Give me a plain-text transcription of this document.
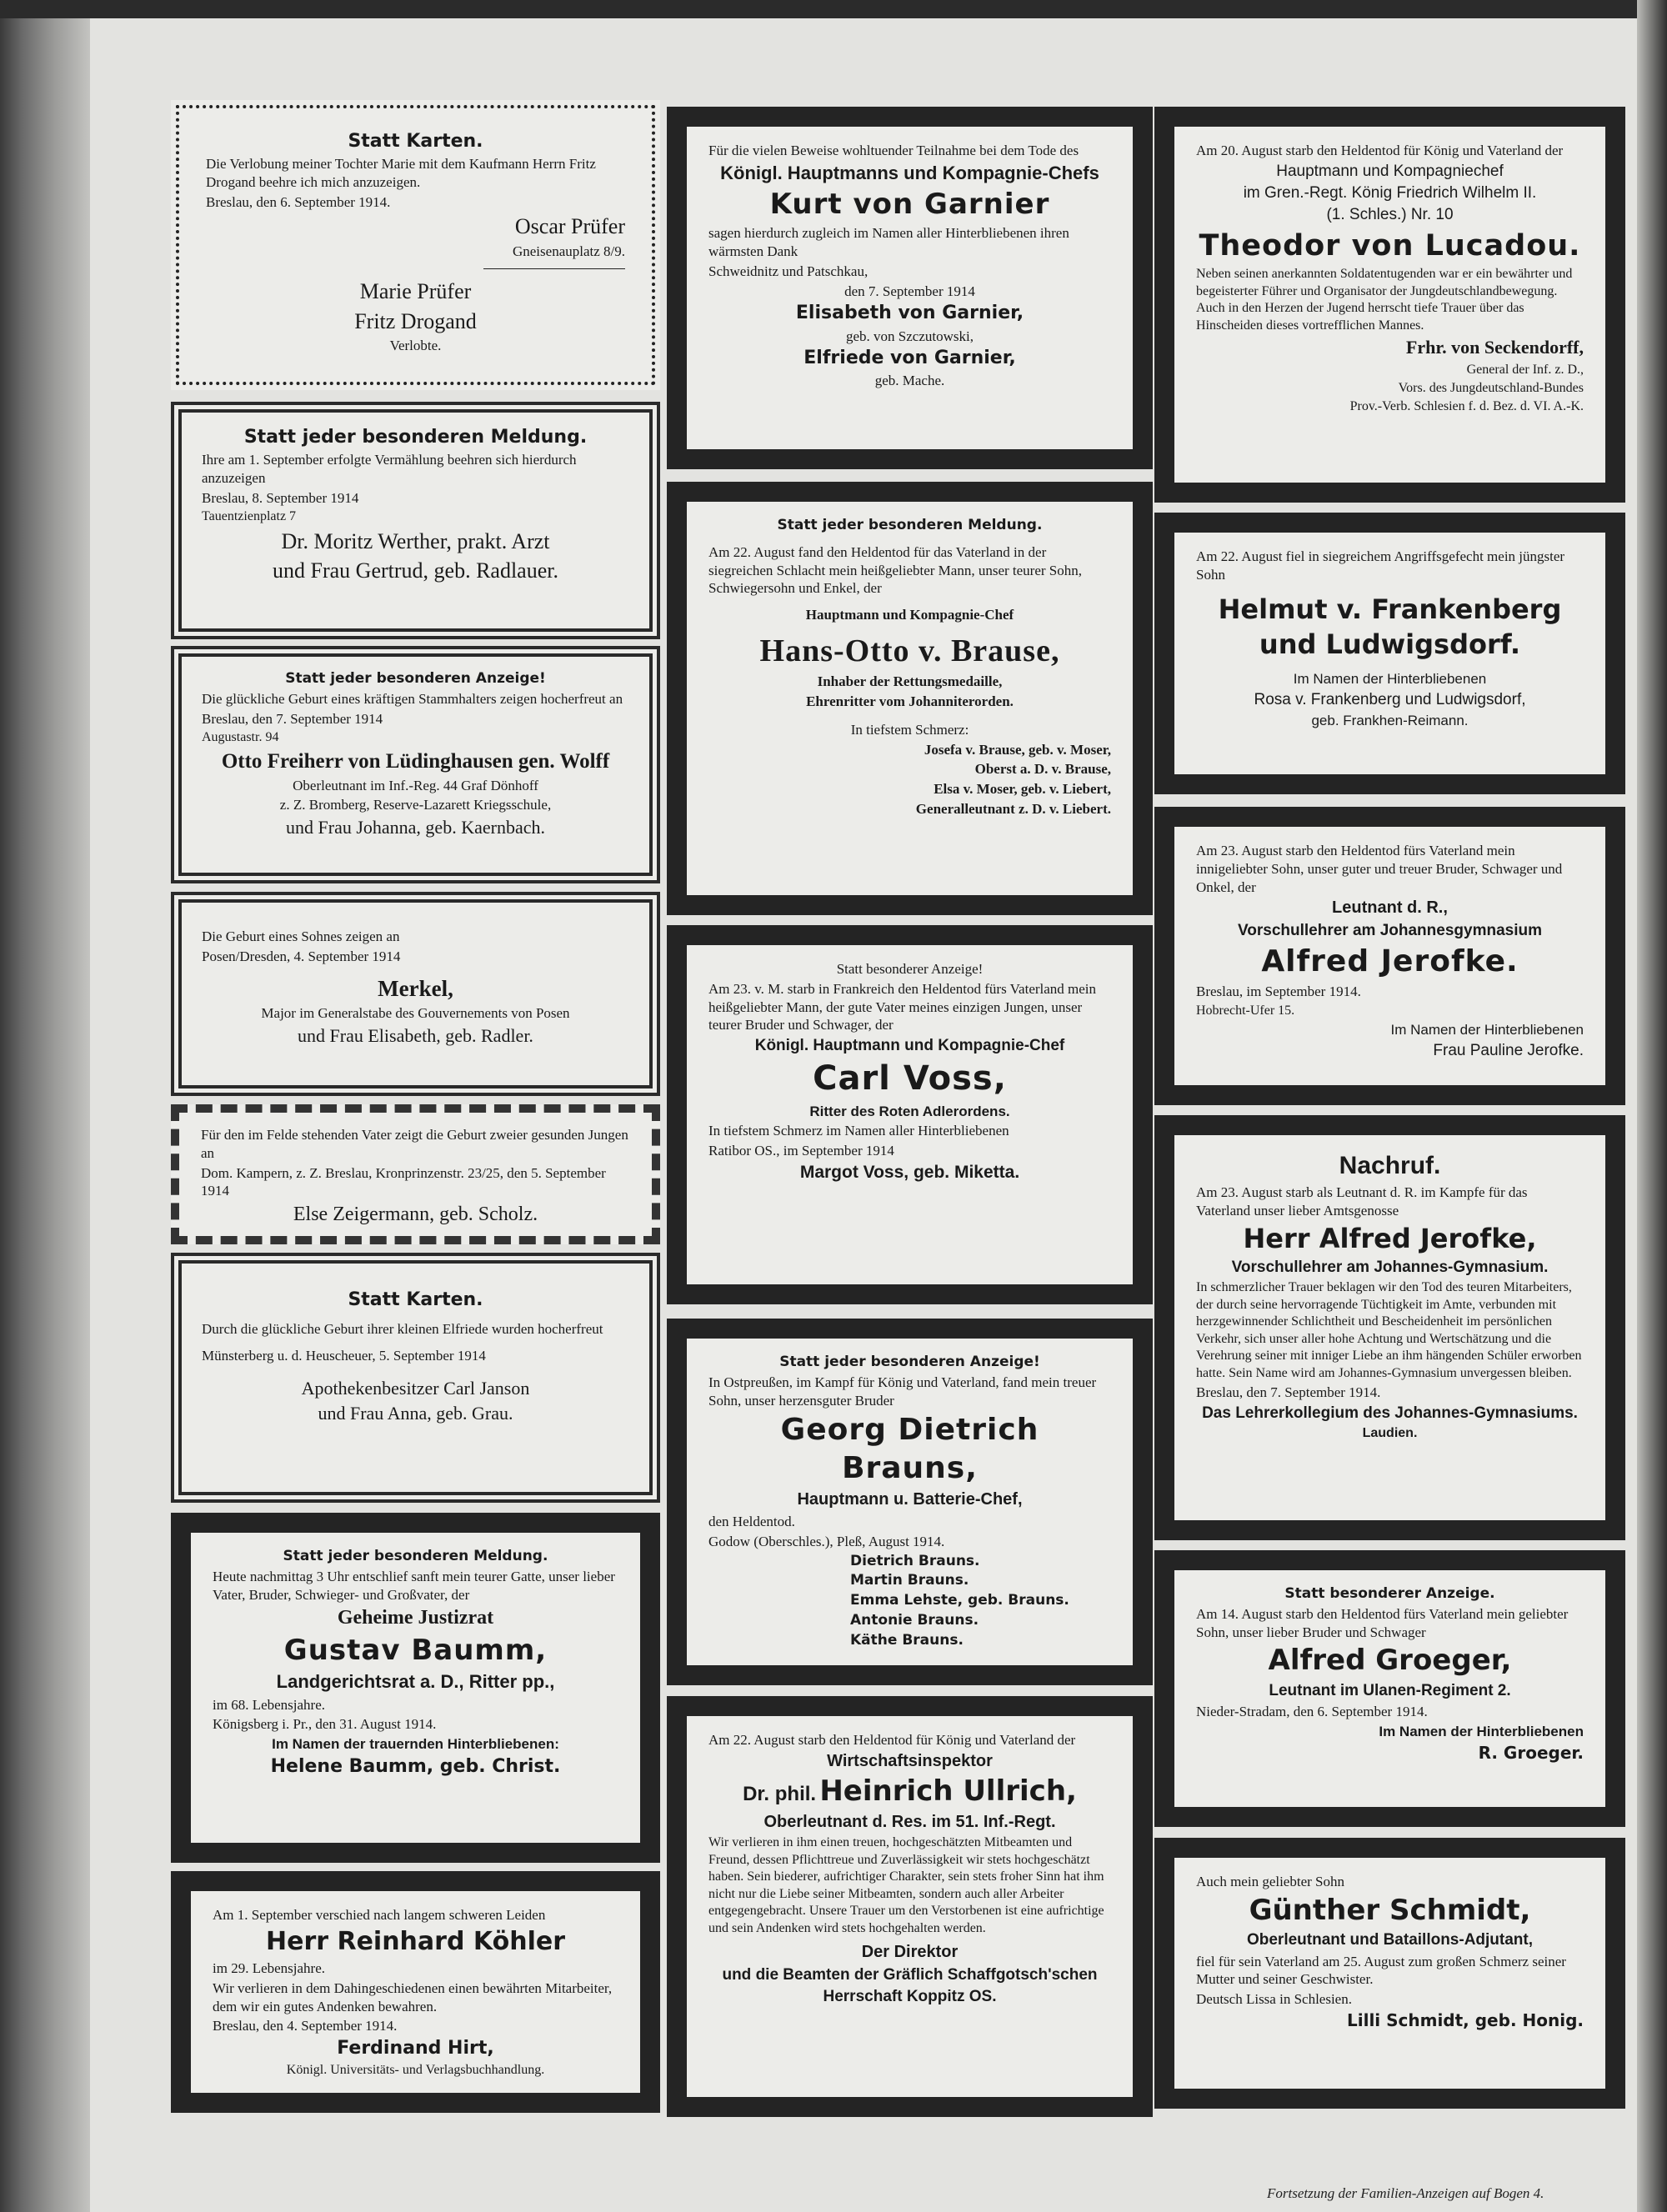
Statt Karten.

Die Verlobung meiner Tochter Marie mit dem Kaufmann Herrn Fritz Drogand beehre ich mich anzuzeigen.

Breslau, den 6. September 1914.

Oscar Prüfer

Gneisenauplatz 8/9.

Marie Prüfer

Fritz Drogand

Verlobte.

Statt jeder besonderen Meldung.

Ihre am 1. September erfolgte Vermählung beehren sich hierdurch anzuzeigen

Breslau, 8. September 1914

Tauentzienplatz 7

Dr. Moritz Werther, prakt. Arzt

und Frau Gertrud, geb. Radlauer.

Statt jeder besonderen Anzeige!

Die glückliche Geburt eines kräftigen Stammhalters zeigen hocherfreut an

Breslau, den 7. September 1914

Augustastr. 94

Otto Freiherr von Lüdinghausen gen. Wolff

Oberleutnant im Inf.-Reg. 44 Graf Dönhoff

z. Z. Bromberg, Reserve-Lazarett Kriegsschule,

und Frau Johanna, geb. Kaernbach.

Die Geburt eines Sohnes zeigen an

Posen/Dresden, 4. September 1914

Merkel,

Major im Generalstabe des Gouvernements von Posen

und Frau Elisabeth, geb. Radler.

Für den im Felde stehenden Vater zeigt die Geburt zweier gesunden Jungen an

Dom. Kampern, z. Z. Breslau, Kronprinzenstr. 23/25, den 5. September 1914

Else Zeigermann, geb. Scholz.

Statt Karten.

Durch die glückliche Geburt ihrer kleinen Elfriede wurden hocherfreut

Münsterberg u. d. Heuscheuer, 5. September 1914

Apothekenbesitzer Carl Janson

und Frau Anna, geb. Grau.

Statt jeder besonderen Meldung.

Heute nachmittag 3 Uhr entschlief sanft mein teurer Gatte, unser lieber Vater, Bruder, Schwieger- und Großvater, der

Geheime Justizrat

Gustav Baumm,

Landgerichtsrat a. D., Ritter pp.,

im 68. Lebensjahre.

Königsberg i. Pr., den 31. August 1914.

Im Namen der trauernden Hinterbliebenen:

Helene Baumm, geb. Christ.

Am 1. September verschied nach langem schweren Leiden

Herr Reinhard Köhler

im 29. Lebensjahre.

Wir verlieren in dem Dahingeschiedenen einen bewährten Mitarbeiter, dem wir ein gutes Andenken bewahren.

Breslau, den 4. September 1914.

Ferdinand Hirt,

Königl. Universitäts- und Verlagsbuchhandlung.

Für die vielen Beweise wohltuender Teilnahme bei dem Tode des

Königl. Hauptmanns und Kompagnie-Chefs

Kurt von Garnier

sagen hierdurch zugleich im Namen aller Hinterbliebenen ihren wärmsten Dank

Schweidnitz und Patschkau,

den 7. September 1914

Elisabeth von Garnier,

geb. von Szczutowski,

Elfriede von Garnier,

geb. Mache.

Statt jeder besonderen Meldung.

Am 22. August fand den Heldentod für das Vaterland in der siegreichen Schlacht mein heißgeliebter Mann, unser teurer Sohn, Schwiegersohn und Enkel, der

Hauptmann und Kompagnie-Chef

Hans-Otto v. Brause,

Inhaber der Rettungsmedaille,

Ehrenritter vom Johanniterorden.

In tiefstem Schmerz:

Josefa v. Brause, geb. v. Moser,

Oberst a. D. v. Brause,

Elsa v. Moser, geb. v. Liebert,

Generalleutnant z. D. v. Liebert.

Statt besonderer Anzeige!

Am 23. v. M. starb in Frankreich den Heldentod fürs Vaterland mein heißgeliebter Mann, der gute Vater meines einzigen Jungen, unser teurer Bruder und Schwager, der

Königl. Hauptmann und Kompagnie-Chef

Carl Voss,

Ritter des Roten Adlerordens.

In tiefstem Schmerz im Namen aller Hinterbliebenen

Ratibor OS., im September 1914

Margot Voss, geb. Miketta.

Statt jeder besonderen Anzeige!

In Ostpreußen, im Kampf für König und Vaterland, fand mein treuer Sohn, unser herzensguter Bruder

Georg Dietrich Brauns,

Hauptmann u. Batterie-Chef,

den Heldentod.

Godow (Oberschles.), Pleß, August 1914.

Dietrich Brauns.

Martin Brauns.

Emma Lehste, geb. Brauns.

Antonie Brauns.

Käthe Brauns.

Am 22. August starb den Heldentod für König und Vaterland der

Wirtschaftsinspektor

Dr. phil. Heinrich Ullrich,

Oberleutnant d. Res. im 51. Inf.-Regt.

Wir verlieren in ihm einen treuen, hochgeschätzten Mitbeamten und Freund, dessen Pflichttreue und Zuverlässigkeit wir stets hochgeschätzt haben. Sein biederer, aufrichtiger Charakter, sein stets froher Sinn hat ihm nicht nur die Liebe seiner Mitbeamten, sondern auch aller Arbeiter entgegengebracht. Unsere Trauer um den Verstorbenen ist eine aufrichtige und sein Andenken wird stets hochgehalten werden.

Der Direktor

und die Beamten der Gräflich Schaffgotsch'schen

Herrschaft Koppitz OS.

Am 20. August starb den Heldentod für König und Vaterland der

Hauptmann und Kompagniechef

im Gren.-Regt. König Friedrich Wilhelm II.

(1. Schles.) Nr. 10

Theodor von Lucadou.

Neben seinen anerkannten Soldatentugenden war er ein bewährter und begeisterter Führer und Organisator der Jungdeutschlandbewegung. Auch in den Herzen der Jugend herrscht tiefe Trauer über das Hinscheiden dieses vortrefflichen Mannes.

Frhr. von Seckendorff,

General der Inf. z. D.,

Vors. des Jungdeutschland-Bundes

Prov.-Verb. Schlesien f. d. Bez. d. VI. A.-K.

Am 22. August fiel in siegreichem Angriffsgefecht mein jüngster Sohn

Helmut v. Frankenberg

und Ludwigsdorf.

Im Namen der Hinterbliebenen

Rosa v. Frankenberg und Ludwigsdorf,

geb. Frankhen-Reimann.

Am 23. August starb den Heldentod fürs Vaterland mein innigeliebter Sohn, unser guter und treuer Bruder, Schwager und Onkel, der

Leutnant d. R.,

Vorschullehrer am Johannesgymnasium

Alfred Jerofke.

Breslau, im September 1914.

Hobrecht-Ufer 15.

Im Namen der Hinterbliebenen

Frau Pauline Jerofke.

Nachruf.

Am 23. August starb als Leutnant d. R. im Kampfe für das Vaterland unser lieber Amtsgenosse

Herr Alfred Jerofke,

Vorschullehrer am Johannes-Gymnasium.

In schmerzlicher Trauer beklagen wir den Tod des teuren Mitarbeiters, der durch seine hervorragende Tüchtigkeit im Amte, verbunden mit herzgewinnender Schlichtheit und Bescheidenheit im persönlichen Verkehr, sich unser aller hohe Achtung und Wertschätzung und die Verehrung seiner mit inniger Liebe an ihm hängenden Schüler erworben hatte. Sein Name wird am Johannes-Gymnasium unvergessen bleiben.

Breslau, den 7. September 1914.

Das Lehrerkollegium des Johannes-Gymnasiums.

Laudien.

Statt besonderer Anzeige.

Am 14. August starb den Heldentod fürs Vaterland mein geliebter Sohn, unser lieber Bruder und Schwager

Alfred Groeger,

Leutnant im Ulanen-Regiment 2.

Nieder-Stradam, den 6. September 1914.

Im Namen der Hinterbliebenen

R. Groeger.

Auch mein geliebter Sohn

Günther Schmidt,

Oberleutnant und Bataillons-Adjutant,

fiel für sein Vaterland am 25. August zum großen Schmerz seiner Mutter und seiner Geschwister.

Deutsch Lissa in Schlesien.

Lilli Schmidt, geb. Honig.

Fortsetzung der Familien-Anzeigen auf Bogen 4.
